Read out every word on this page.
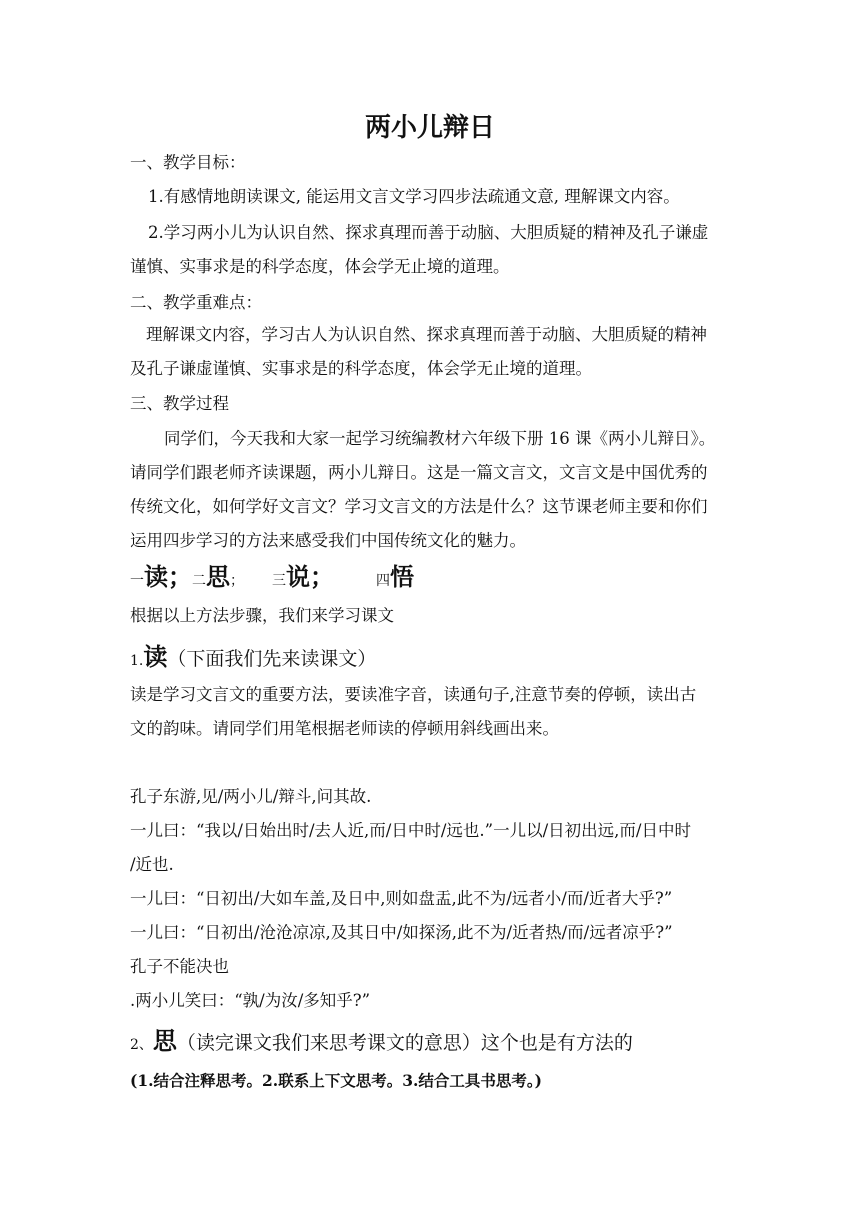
两小儿辩日
一、教学目标：
1.有感情地朗读课文, 能运用文言文学习四步法疏通文意, 理解课文内容。
2.学习两小儿为认识自然、探求真理而善于动脑、大胆质疑的精神及孔子谦虚
谨慎、实事求是的科学态度，体会学无止境的道理。
二、教学重难点：
理解课文内容，学习古人为认识自然、探求真理而善于动脑、大胆质疑的精神
及孔子谦虚谨慎、实事求是的科学态度，体会学无止境的道理。
三、教学过程
同学们，今天我和大家一起学习统编教材六年级下册 16 课《两小儿辩日》。
请同学们跟老师齐读课题，两小儿辩日。这是一篇文言文，文言文是中国优秀的
传统文化，如何学好文言文？学习文言文的方法是什么？这节课老师主要和你们
运用四步学习的方法来感受我们中国传统文化的魅力。
一读；二思； 三说；	四悟
根据以上方法步骤，我们来学习课文
1.读（下面我们先来读课文）
读是学习文言文的重要方法，要读准字音，读通句子,注意节奏的停顿，读出古
文的韵味。请同学们用笔根据老师读的停顿用斜线画出来。
孔子东游,见/两小儿/辩斗,问其故.
一儿曰：“我以/日始出时/去人近,而/日中时/远也.”一儿以/日初出远,而/日中时
/近也.
一儿曰：“日初出/大如车盖,及日中,则如盘盂,此不为/远者小/而/近者大乎?”
一儿曰：“日初出/沧沧凉凉,及其日中/如探汤,此不为/近者热/而/远者凉乎?”
孔子不能决也
.两小儿笑曰：“孰/为汝/多知乎?”
2、思（读完课文我们来思考课文的意思）这个也是有方法的
(1.结合注释思考。2.联系上下文思考。3.结合工具书思考。)
